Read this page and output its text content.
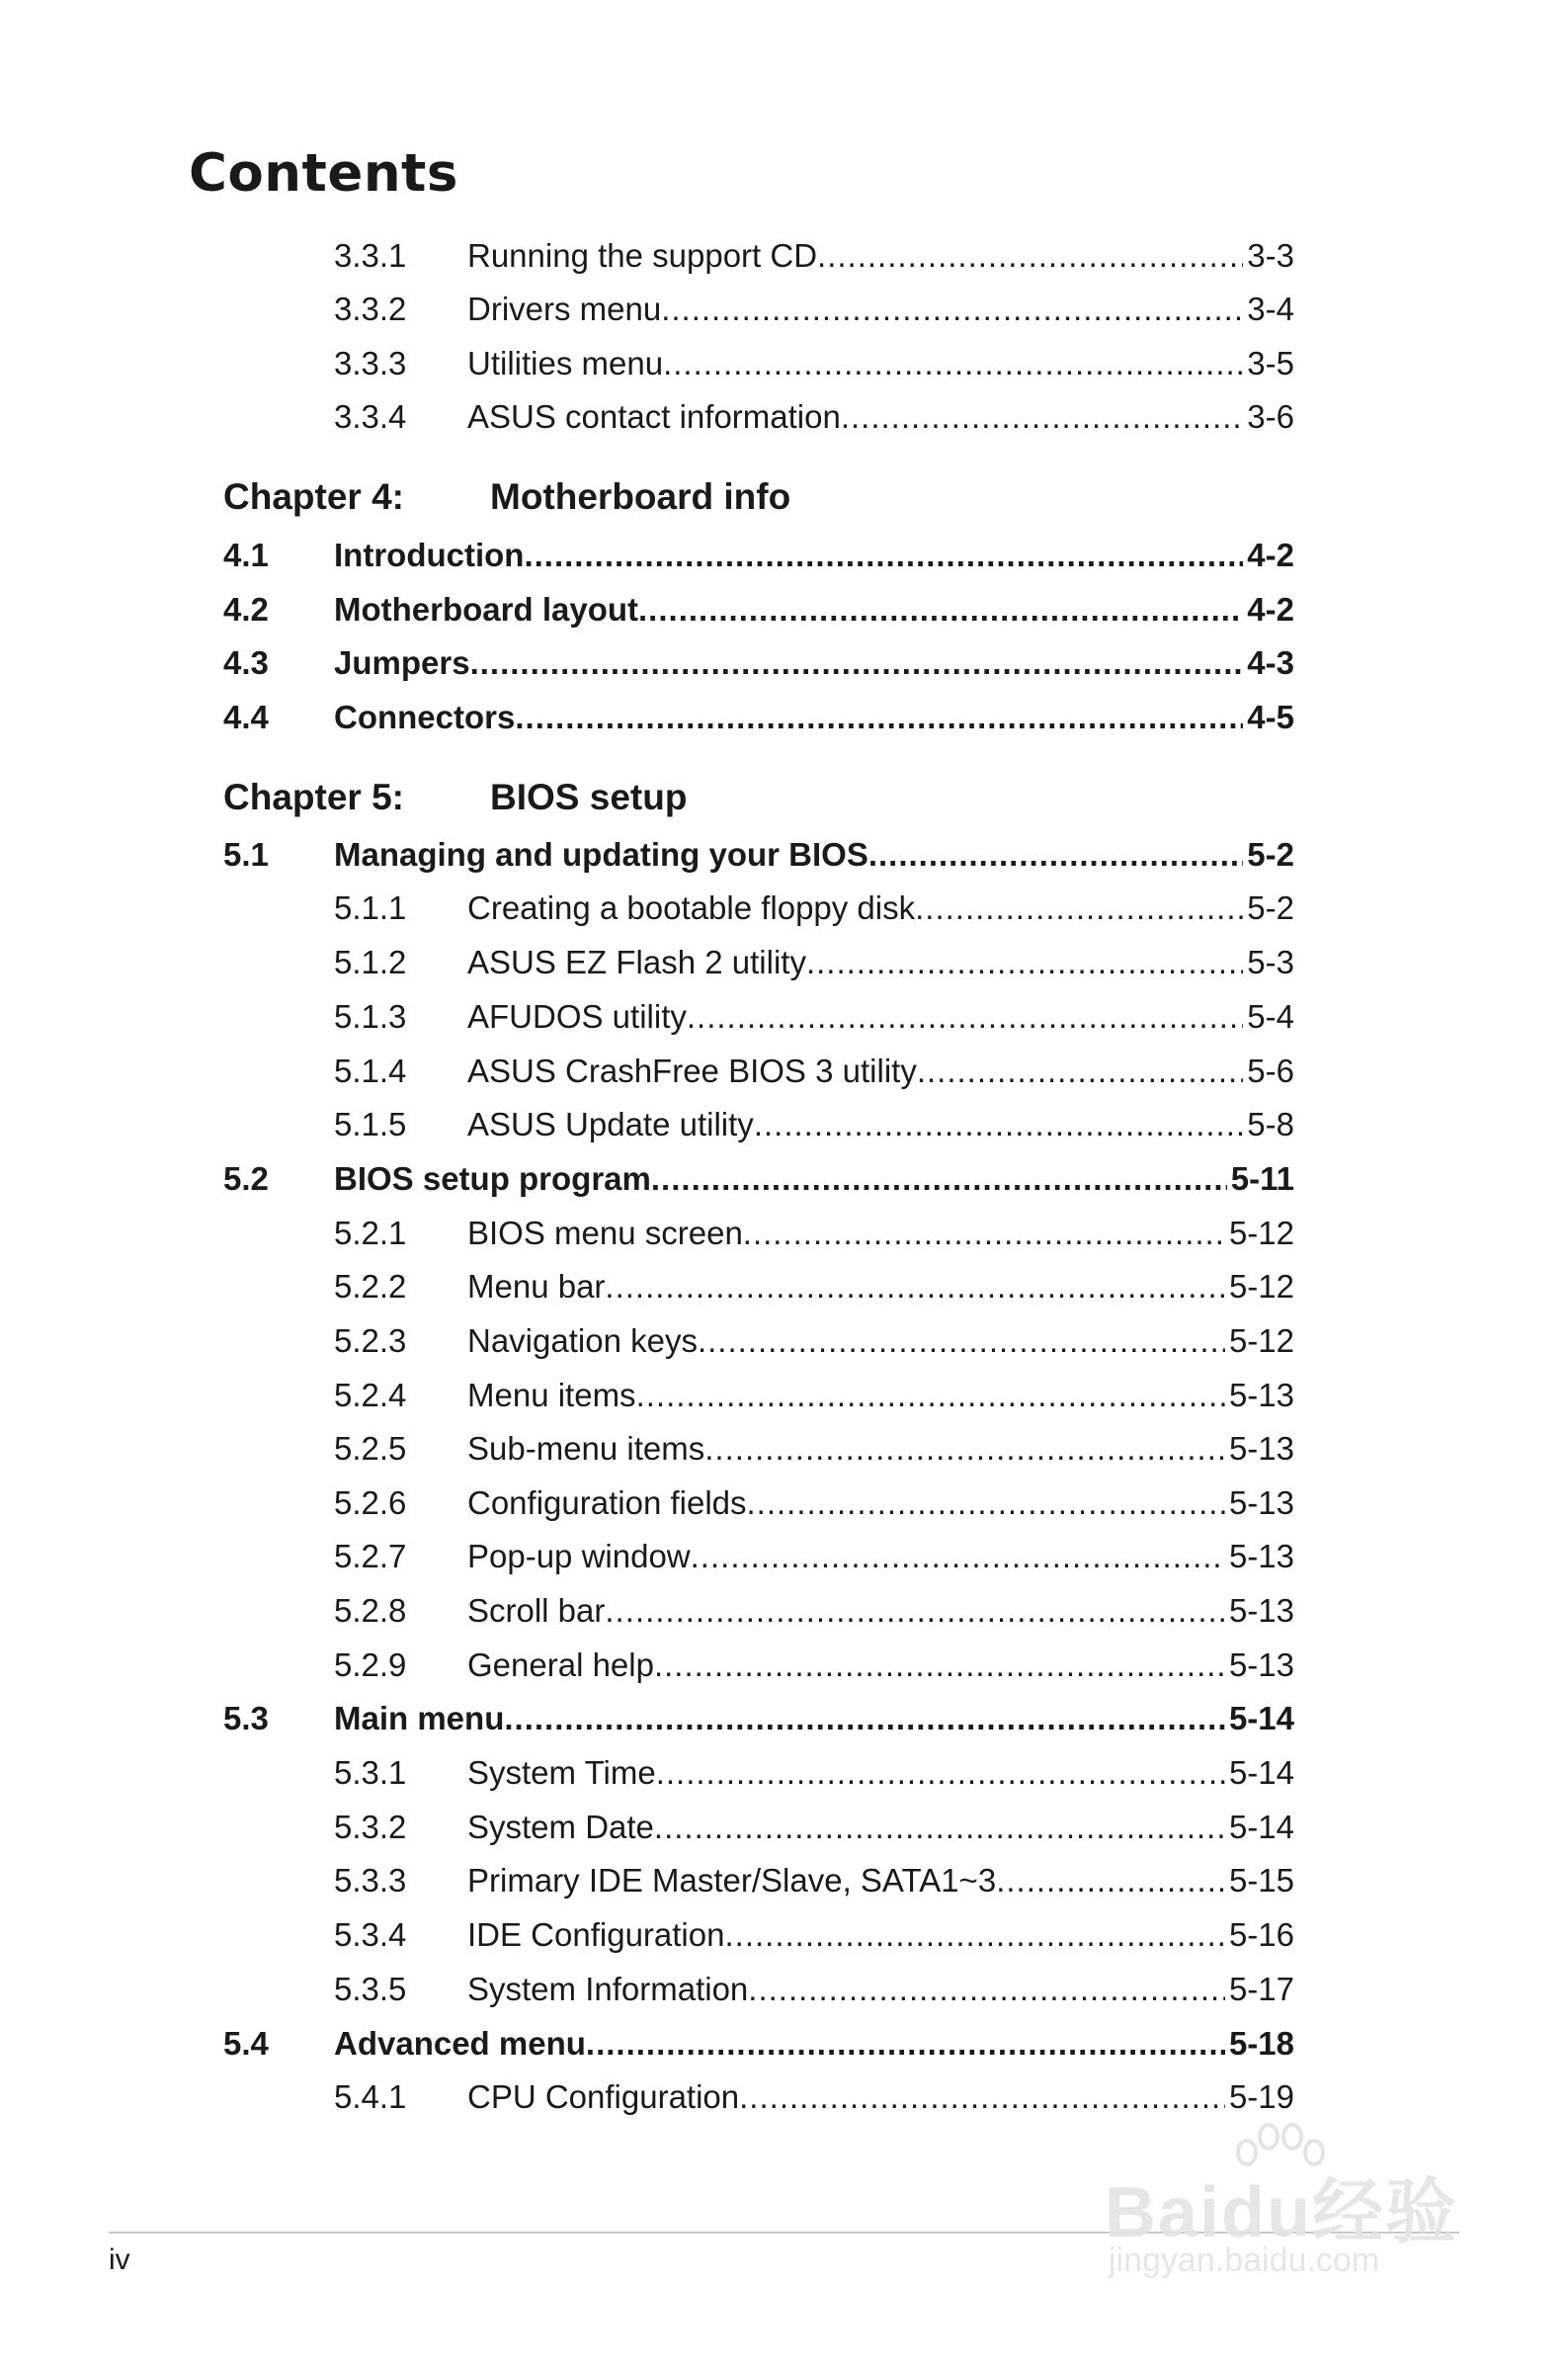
Contents
3.3.1 Running the support CD .....	3-3
3.3.2 Drivers menu .....	3-4
3.3.3 Utilities menu .....	3-5
3.3.4 ASUS contact information .....	3-6
Chapter 4: Motherboard info
4.1 Introduction .....	4-2
4.2 Motherboard layout .....	4-2
4.3 Jumpers .....	4-3
4.4 Connectors .....	4-5
Chapter 5: BIOS setup
5.1 Managing and updating your BIOS .....	5-2
5.1.1 Creating a bootable floppy disk .....	5-2
5.1.2 ASUS EZ Flash 2 utility .....	5-3
5.1.3 AFUDOS utility .....	5-4
5.1.4 ASUS CrashFree BIOS 3 utility .....	5-6
5.1.5 ASUS Update utility .....	5-8
5.2 BIOS setup program .....	5-11
5.2.1 BIOS menu screen .....	5-12
5.2.2 Menu bar .....	5-12
5.2.3 Navigation keys .....	5-12
5.2.4 Menu items .....	5-13
5.2.5 Sub-menu items .....	5-13
5.2.6 Configuration fields .....	5-13
5.2.7 Pop-up window .....	5-13
5.2.8 Scroll bar .....	5-13
5.2.9 General help .....	5-13
5.3 Main menu .....	5-14
5.3.1 System Time .....	5-14
5.3.2 System Date .....	5-14
5.3.3 Primary IDE Master/Slave, SATA1~3 .....	5-15
5.3.4 IDE Configuration .....	5-16
5.3.5 System Information .....	5-17
5.4 Advanced menu .....	5-18
5.4.1 CPU Configuration .....	5-19
iv
Baidu经验
jingyan.baidu.com
